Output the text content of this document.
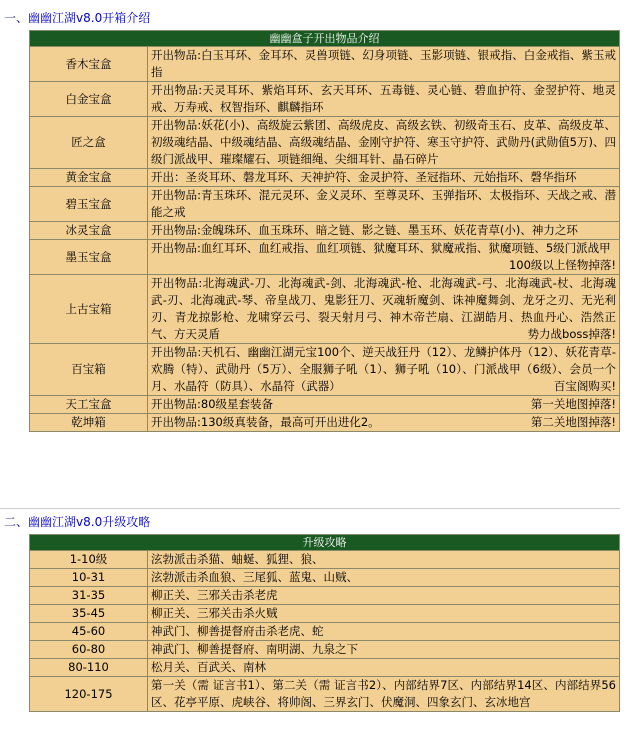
一、幽幽江湖v8.0开箱介绍
幽幽盒子开出物品介绍	
香木宝盒	开出物品:白玉耳环、金耳环、灵兽项链、幻身项链、玉影项链、银戒指、白金戒指、紫玉戒指
白金宝盒	开出物品:天灵耳环、紫焰耳环、玄天耳环、五毒链、灵心链、碧血护符、金翌护符、地灵戒、万寿戒、权智指环、麒麟指环
匠之盒	开出物品:妖花(小)、高级旋云紫团、高级虎皮、高级玄铁、初级奇玉石、皮革、高级皮革、初级魂结晶、中级魂结晶、高级魂结晶、金刚守护符、寒玉守护符、武勋丹(武勋值5万)、四级门派战甲、璀璨耀石、项链细绳、尖细耳针、晶石碎片
黄金宝盒	开出：圣炎耳环、磐龙耳环、天神护符、金灵护符、圣冠指环、元始指环、磬华指环
碧玉宝盒	开出物品:青玉珠环、混元灵环、金义灵环、至尊灵环、玉弹指环、太极指环、天战之戒、潜能之戒
冰灵宝盒	开出物品:金魄珠环、血玉珠环、暗之链、影之链、墨玉环、妖花青草(小)、神力之环
墨玉宝盒	开出物品:血红耳环、血红戒指、血红项链、狱魔耳环、狱魔戒指、狱魔项链、5级门派战甲
100级以上怪物掉落!

上古宝箱	开出物品:北海魂武-刀、北海魂武-剑、北海魂武-枪、北海魂武-弓、北海魂武-杖、北海魂武-刃、北海魂武-琴、帝皇战刀、鬼影狂刀、灭魂斩魔剑、诛神魔舞剑、龙牙之刃、无光利刃、青龙掠影枪、龙啸穿云弓、裂天射月弓、神木帝芒扇、江湖皓月、热血丹心、浩然正气、方天灵盾 势力战boss掉落!

百宝箱	开出物品:天机石、幽幽江湖元宝100个、逆天战狂丹（12）、龙鳞护体丹（12）、妖花青草-欢腾（特）、武勋丹（5万）、全服狮子吼（1）、狮子吼（10）、门派战甲（6级）、会员一个月、水晶符（防具）、水晶符（武器） 百宝阁购买!

天工宝盒	开出物品:80级星套装备 第一关地图掉落!

乾坤箱	开出物品:130级真装备，最高可开出进化2。 第二关地图掉落!
二、幽幽江湖v8.0升级攻略
升级攻略	
1-10级	泫勃派击杀猫、蚰蜒、狐狸、狼、
10-31	泫勃派击杀血狼、三尾狐、蓝鬼、山贼、
31-35	柳正关、三邪关击杀老虎
35-45	柳正关、三邪关击杀火贼
45-60	神武门、柳善提督府击杀老虎、蛇
60-80	神武门、柳善提督府、南明湖、九泉之下
80-110	松月关、百武关、南林
120-175	第一关（需 证言书1）、第二关（需 证言书2）、内部结界7区、内部结界14区、内部结界56区、花亭平原、虎峡谷、将帅阁、三界玄门、伏魔洞、四象玄门、玄冰地宫
